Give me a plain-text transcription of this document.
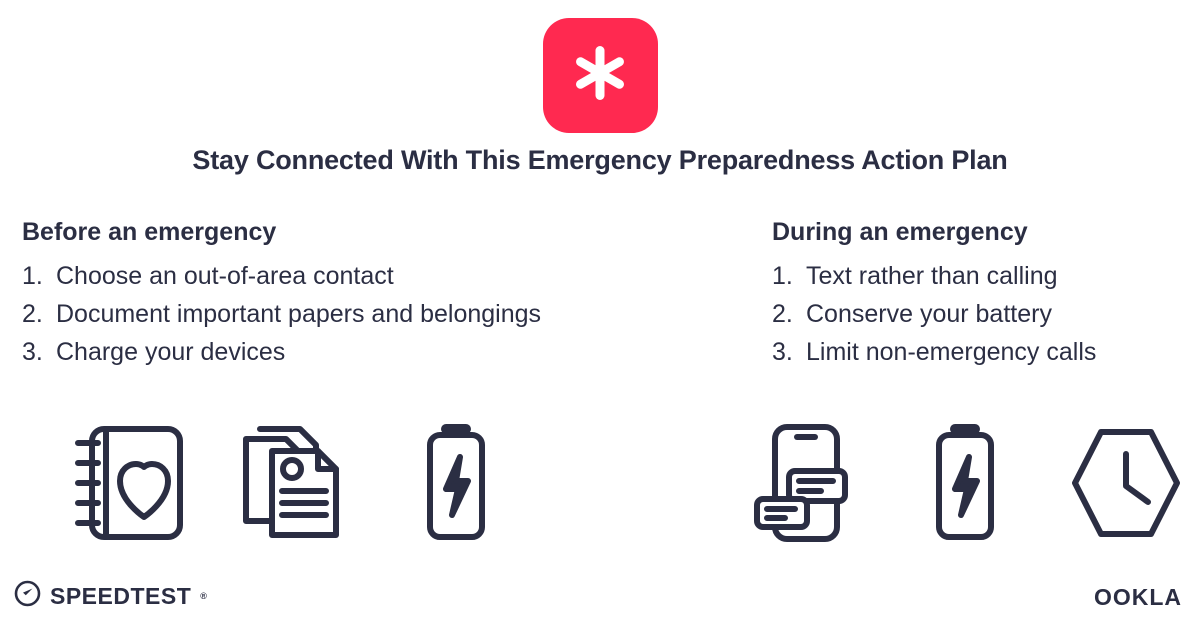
Stay Connected With This Emergency Preparedness Action Plan
Before an emergency
1. Choose an out-of-area contact
2. Document important papers and belongings
3. Charge your devices
During an emergency
1. Text rather than calling
2. Conserve your battery
3. Limit non-emergency calls
SPEEDTEST ®	OOKLA
